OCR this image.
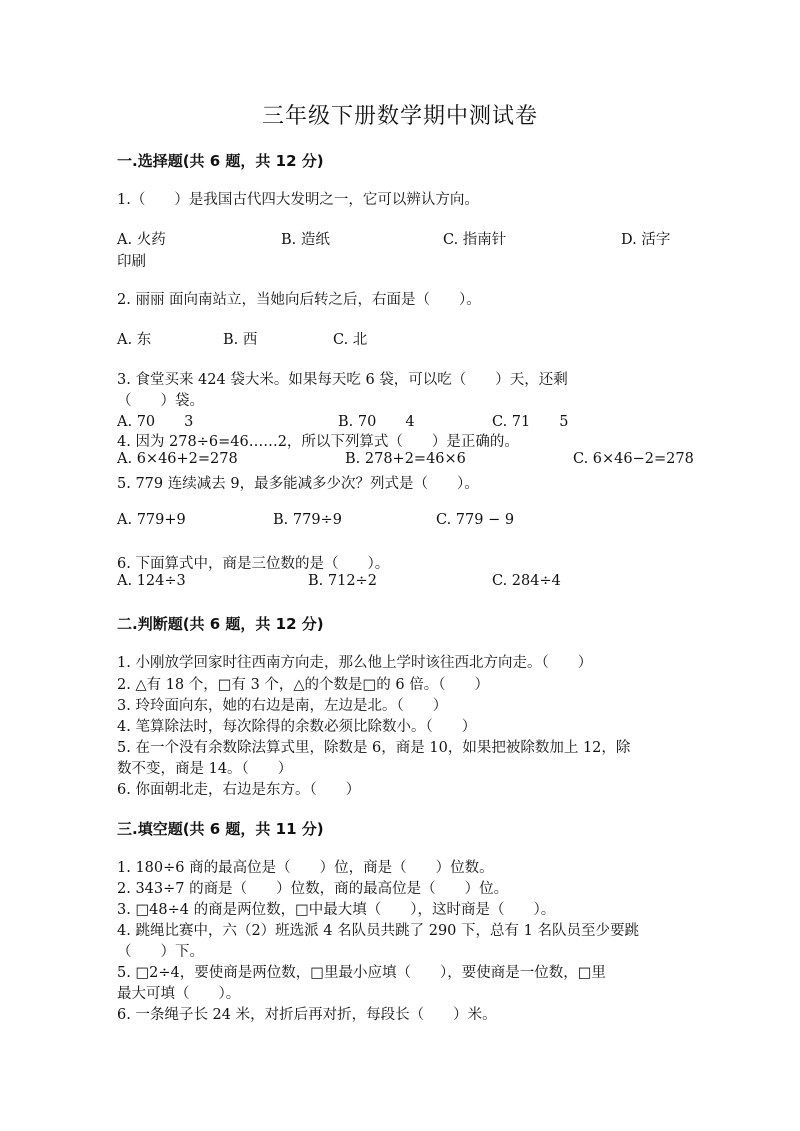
三年级下册数学期中测试卷
一.选择题(共 6 题，共 12 分)
1.（　　）是我国古代四大发明之一，它可以辨认方向。
A. 火药	B. 造纸	C. 指南针	D. 活字
印刷
2. 丽丽 面向南站立，当她向后转之后，右面是（　　）。
A. 东	B. 西	C. 北
3. 食堂买来 424 袋大米。如果每天吃 6 袋，可以吃（　　）天，还剩
（　　）袋。
A. 70　　3	B. 70　　4	C. 71　　5
4. 因为 278÷6=46……2，所以下列算式（　　）是正确的。
A. 6×46+2=278	B. 278+2=46×6	C. 6×46−2=278
5. 779 连续减去 9，最多能减多少次？列式是（　　）。
A. 779+9	B. 779÷9	C. 779 − 9
6. 下面算式中，商是三位数的是（　　）。
A. 124÷3	B. 712÷2	C. 284÷4
二.判断题(共 6 题，共 12 分)
1. 小刚放学回家时往西南方向走，那么他上学时该往西北方向走。（　　）
2. △有 18 个，□有 3 个，△的个数是□的 6 倍。（　　）
3. 玲玲面向东，她的右边是南，左边是北。（　　）
4. 笔算除法时，每次除得的余数必须比除数小。（　　）
5. 在一个没有余数除法算式里，除数是 6，商是 10，如果把被除数加上 12，除
数不变，商是 14。（　　）
6. 你面朝北走，右边是东方。（　　）
三.填空题(共 6 题，共 11 分)
1. 180÷6 商的最高位是（　　）位，商是（　　）位数。
2. 343÷7 的商是（　　）位数，商的最高位是（　　）位。
3. □48÷4 的商是两位数，□中最大填（　　），这时商是（　　）。
4. 跳绳比赛中，六（2）班选派 4 名队员共跳了 290 下，总有 1 名队员至少要跳
（　　）下。
5. □2÷4，要使商是两位数，□里最小应填（　　），要使商是一位数，□里
最大可填（　　）。
6. 一条绳子长 24 米，对折后再对折，每段长（　　）米。
